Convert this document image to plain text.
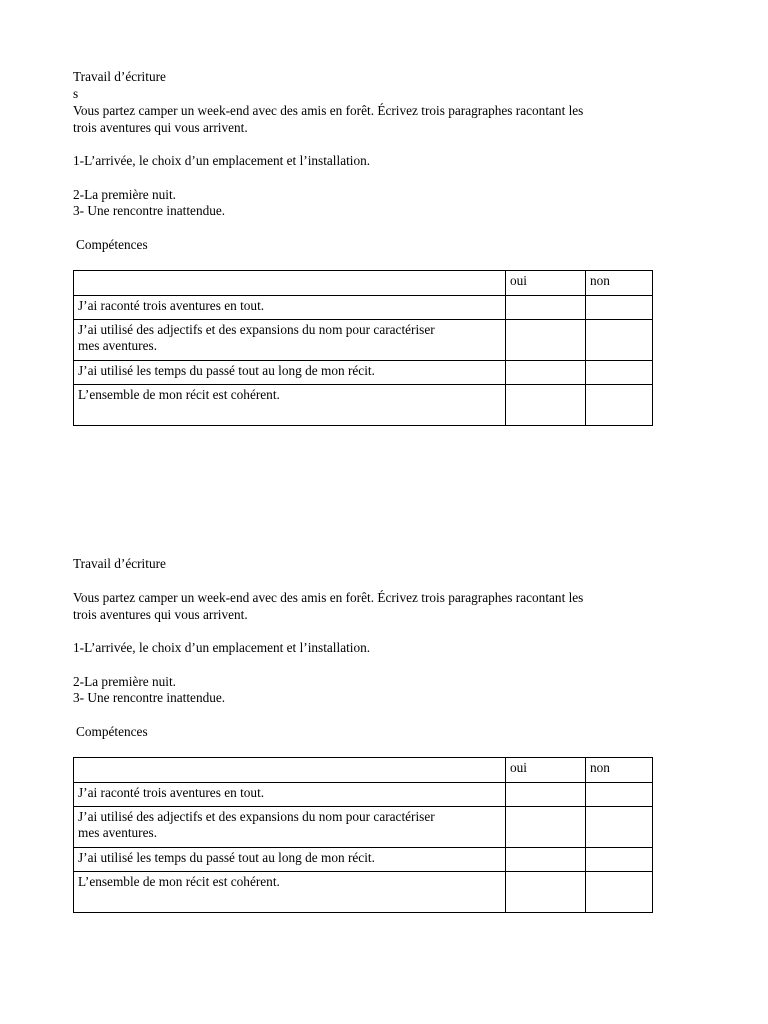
Travail d’écriture
s
Vous partez camper un week-end avec des amis en forêt. Écrivez trois paragraphes racontant les
trois aventures qui vous arrivent.
1-L’arrivée, le choix d’un emplacement et l’installation.
2-La première nuit.
3- Une rencontre inattendue.
Compétences
	oui	non
J’ai raconté trois aventures en tout.		
J’ai utilisé des adjectifs et des expansions du nom pour caractériser
mes aventures.		
J’ai utilisé les temps du passé tout au long de mon récit.		
L’ensemble de mon récit est cohérent.		
Travail d’écriture
Vous partez camper un week-end avec des amis en forêt. Écrivez trois paragraphes racontant les
trois aventures qui vous arrivent.
1-L’arrivée, le choix d’un emplacement et l’installation.
2-La première nuit.
3- Une rencontre inattendue.
Compétences
	oui	non
J’ai raconté trois aventures en tout.		
J’ai utilisé des adjectifs et des expansions du nom pour caractériser
mes aventures.		
J’ai utilisé les temps du passé tout au long de mon récit.		
L’ensemble de mon récit est cohérent.		
